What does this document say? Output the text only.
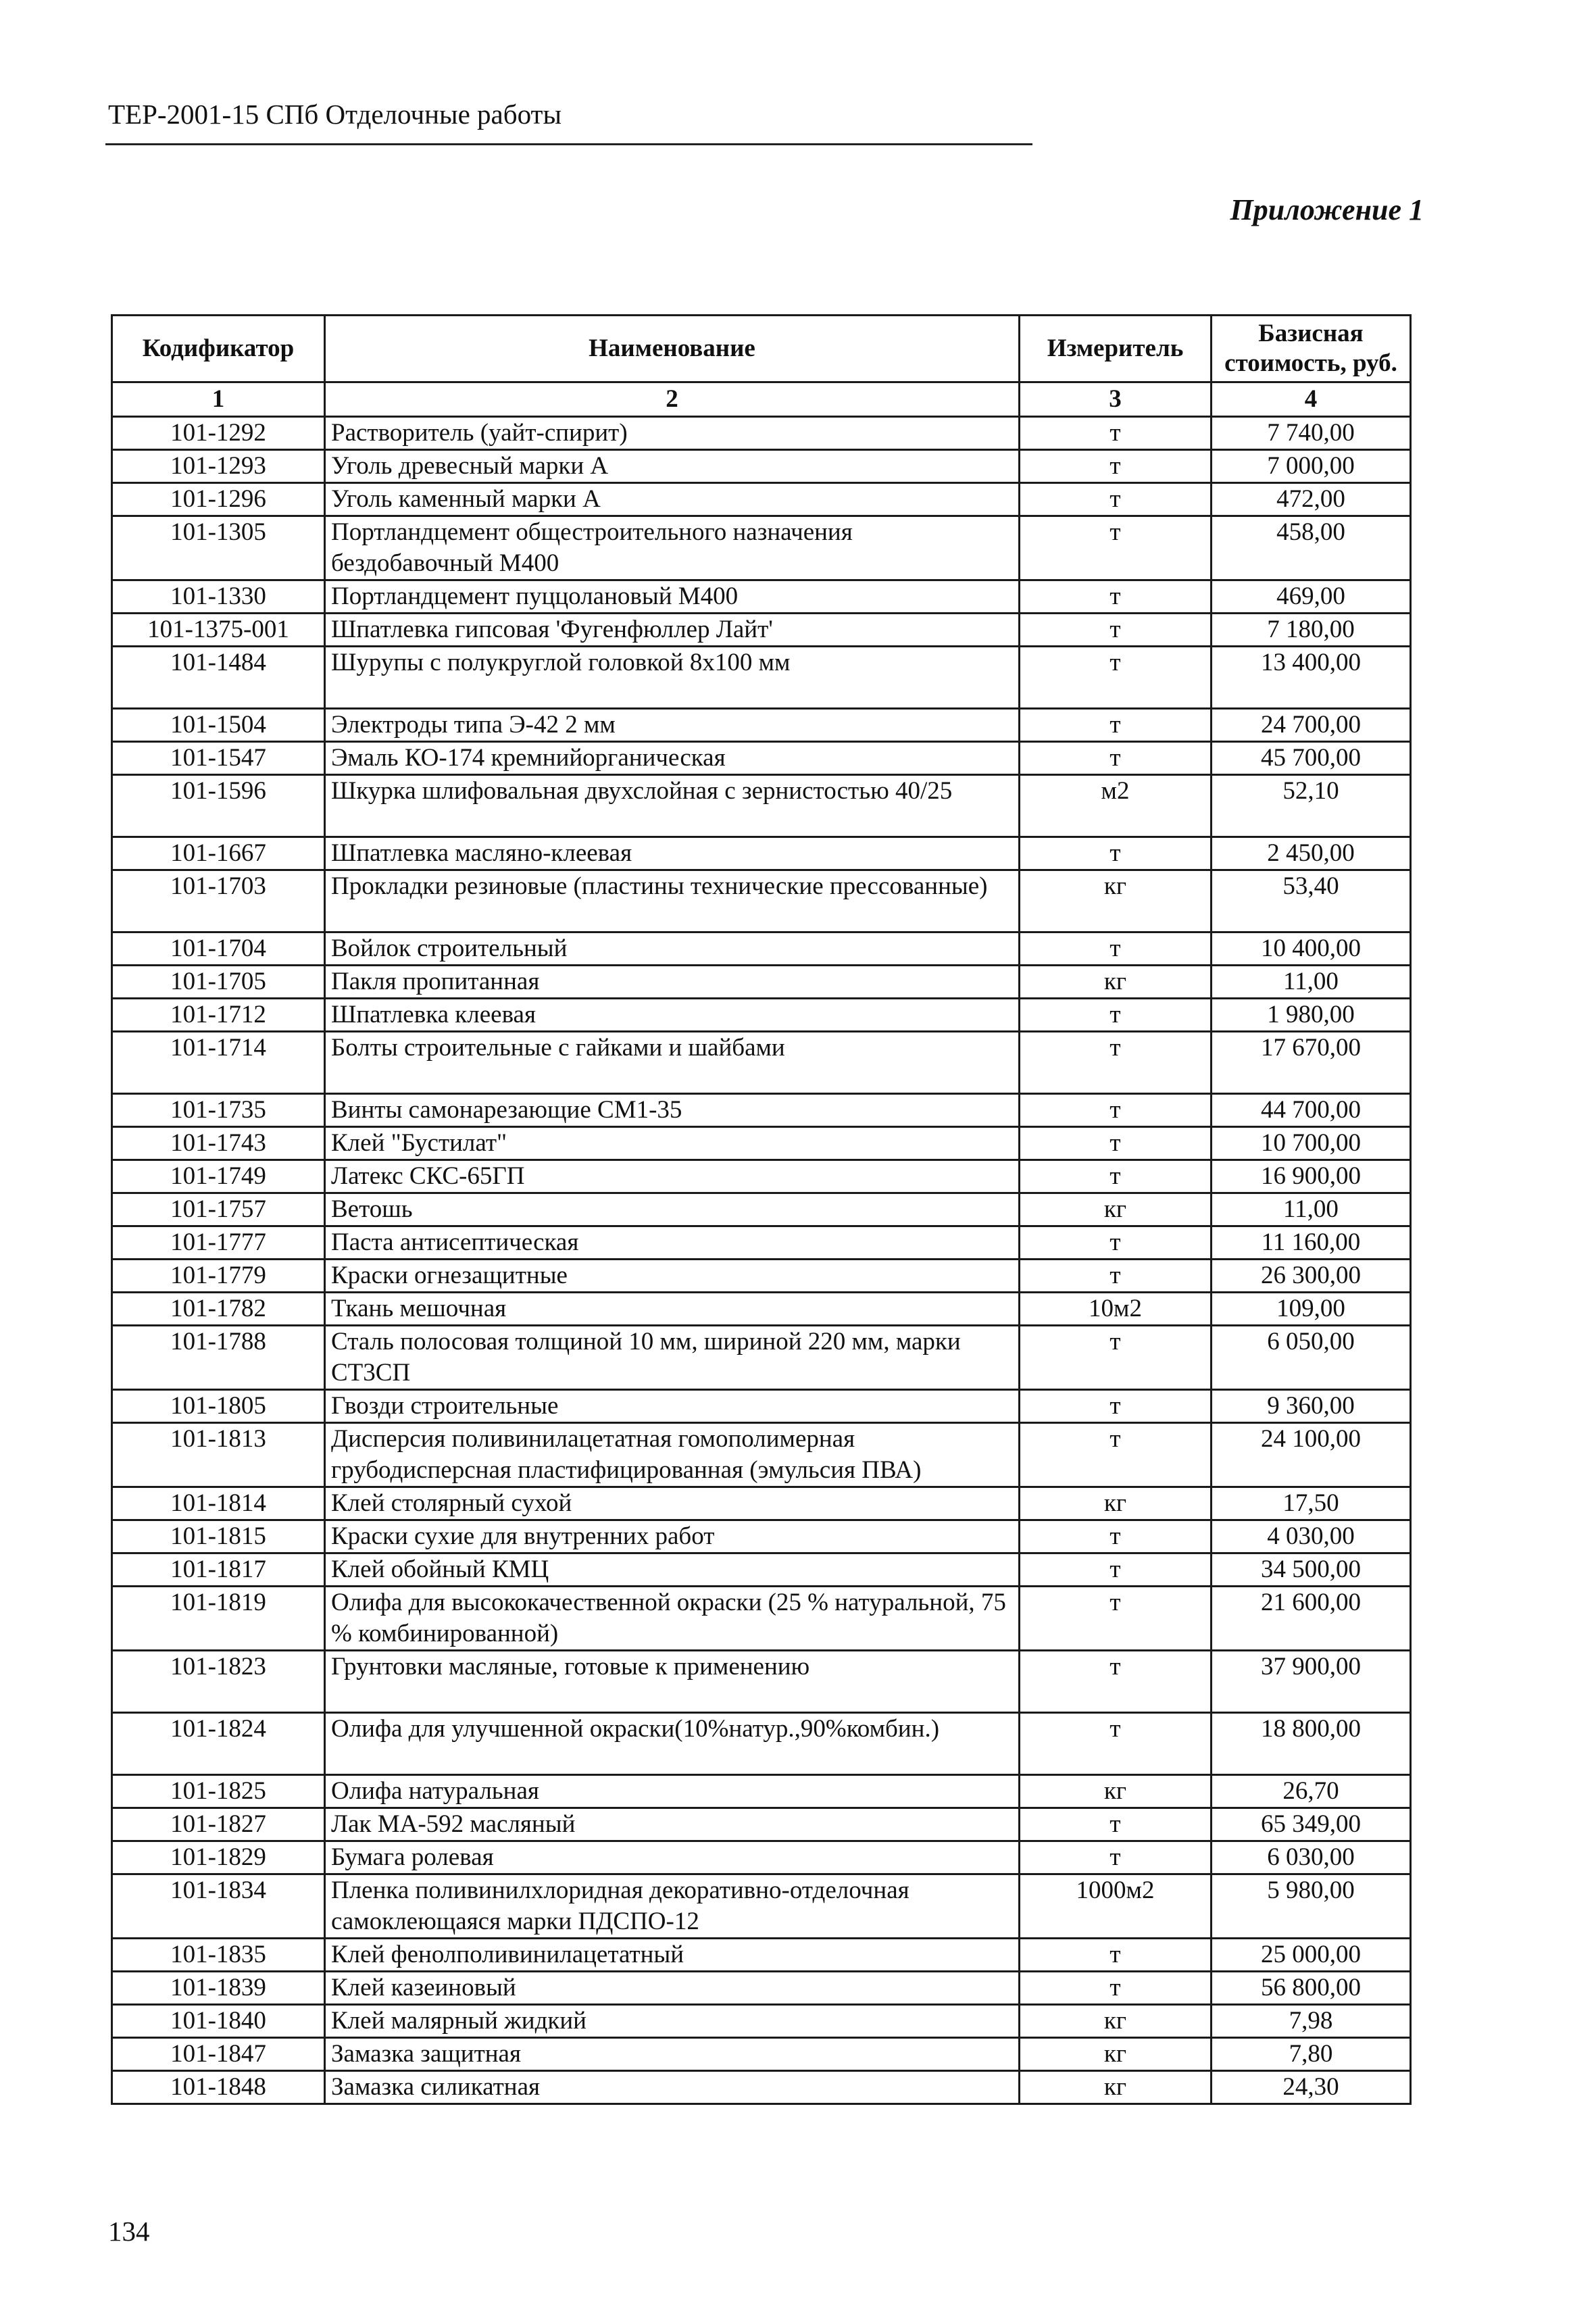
ТЕР-2001-15 СПб Отделочные работы
Приложение 1
Кодификатор	Наименование	Измеритель	Базисная стоимость, руб.
1	2	3	4
101-1292	Растворитель (уайт-спирит)	т	7 740,00
101-1293	Уголь древесный марки А	т	7 000,00
101-1296	Уголь каменный марки А	т	472,00
101-1305	Портландцемент общестроительного назначения бездобавочный М400	т	458,00
101-1330	Портландцемент пуццолановый М400	т	469,00
101-1375-001	Шпатлевка гипсовая 'Фугенфюллер Лайт'	т	7 180,00
101-1484	Шурупы с полукруглой головкой 8x100 мм	т	13 400,00
101-1504	Электроды типа Э-42 2 мм	т	24 700,00
101-1547	Эмаль КО-174 кремнийорганическая	т	45 700,00
101-1596	Шкурка шлифовальная двухслойная с зернистостью 40/25	м2	52,10
101-1667	Шпатлевка масляно-клеевая	т	2 450,00
101-1703	Прокладки резиновые (пластины технические прессованные)	кг	53,40
101-1704	Войлок строительный	т	10 400,00
101-1705	Пакля пропитанная	кг	11,00
101-1712	Шпатлевка клеевая	т	1 980,00
101-1714	Болты строительные с гайками и шайбами	т	17 670,00
101-1735	Винты самонарезающие СМ1-35	т	44 700,00
101-1743	Клей "Бустилат"	т	10 700,00
101-1749	Латекс СКС-65ГП	т	16 900,00
101-1757	Ветошь	кг	11,00
101-1777	Паста антисептическая	т	11 160,00
101-1779	Краски огнезащитные	т	26 300,00
101-1782	Ткань мешочная	10м2	109,00
101-1788	Сталь полосовая толщиной 10 мм, шириной 220 мм, марки СТ3СП	т	6 050,00
101-1805	Гвозди строительные	т	9 360,00
101-1813	Дисперсия поливинилацетатная гомополимерная грубодисперсная пластифицированная (эмульсия ПВА)	т	24 100,00
101-1814	Клей столярный сухой	кг	17,50
101-1815	Краски сухие для внутренних работ	т	4 030,00
101-1817	Клей обойный КМЦ	т	34 500,00
101-1819	Олифа для высококачественной окраски (25 % натуральной, 75 % комбинированной)	т	21 600,00
101-1823	Грунтовки масляные, готовые к применению	т	37 900,00
101-1824	Олифа для улучшенной окраски(10%натур.,90%комбин.)	т	18 800,00
101-1825	Олифа натуральная	кг	26,70
101-1827	Лак МА-592 масляный	т	65 349,00
101-1829	Бумага ролевая	т	6 030,00
101-1834	Пленка поливинилхлоридная декоративно-отделочная самоклеющаяся марки ПДСПО-12	1000м2	5 980,00
101-1835	Клей фенолполивинилацетатный	т	25 000,00
101-1839	Клей казеиновый	т	56 800,00
101-1840	Клей малярный жидкий	кг	7,98
101-1847	Замазка защитная	кг	7,80
101-1848	Замазка силикатная	кг	24,30
134
